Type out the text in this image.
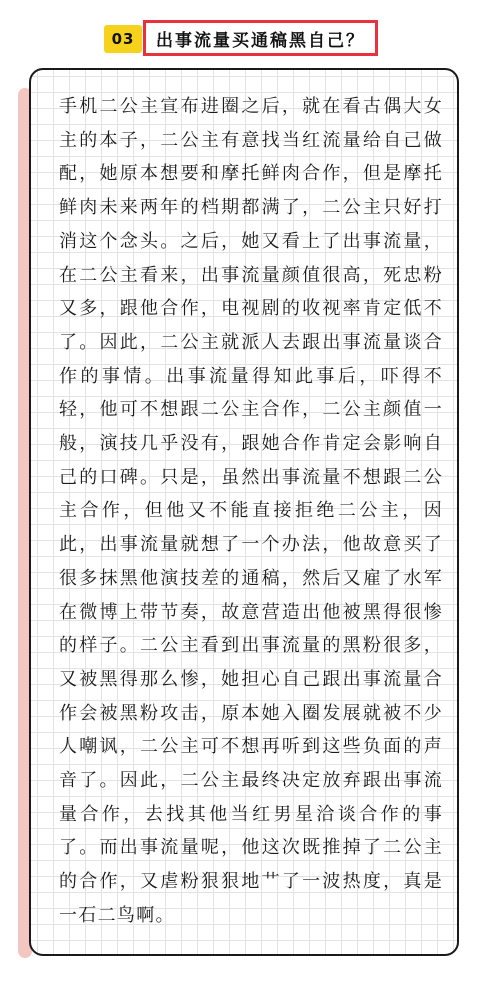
03	出事流量买通稿黑自己？

手机二公主宣布进圈之后，就在看古偶大女主的本子，二公主有意找当红流量给自己做配，她原本想要和摩托鲜肉合作，但是摩托鲜肉未来两年的档期都满了，二公主只好打消这个念头。之后，她又看上了出事流量，在二公主看来，出事流量颜值很高，死忠粉又多，跟他合作，电视剧的收视率肯定低不了。因此，二公主就派人去跟出事流量谈合作的事情。出事流量得知此事后，吓得不轻，他可不想跟二公主合作，二公主颜值一般，演技几乎没有，跟她合作肯定会影响自己的口碑。只是，虽然出事流量不想跟二公主合作，但他又不能直接拒绝二公主，因此，出事流量就想了一个办法，他故意买了很多抹黑他演技差的通稿，然后又雇了水军在微博上带节奏，故意营造出他被黑得很惨的样子。二公主看到出事流量的黑粉很多，又被黑得那么惨，她担心自己跟出事流量合作会被黑粉攻击，原本她入圈发展就被不少人嘲讽，二公主可不想再听到这些负面的声音了。因此，二公主最终决定放弃跟出事流量合作，去找其他当红男星洽谈合作的事了。而出事流量呢，他这次既推掉了二公主的合作，又虐粉狠狠地艹了一波热度，真是一石二鸟啊。
